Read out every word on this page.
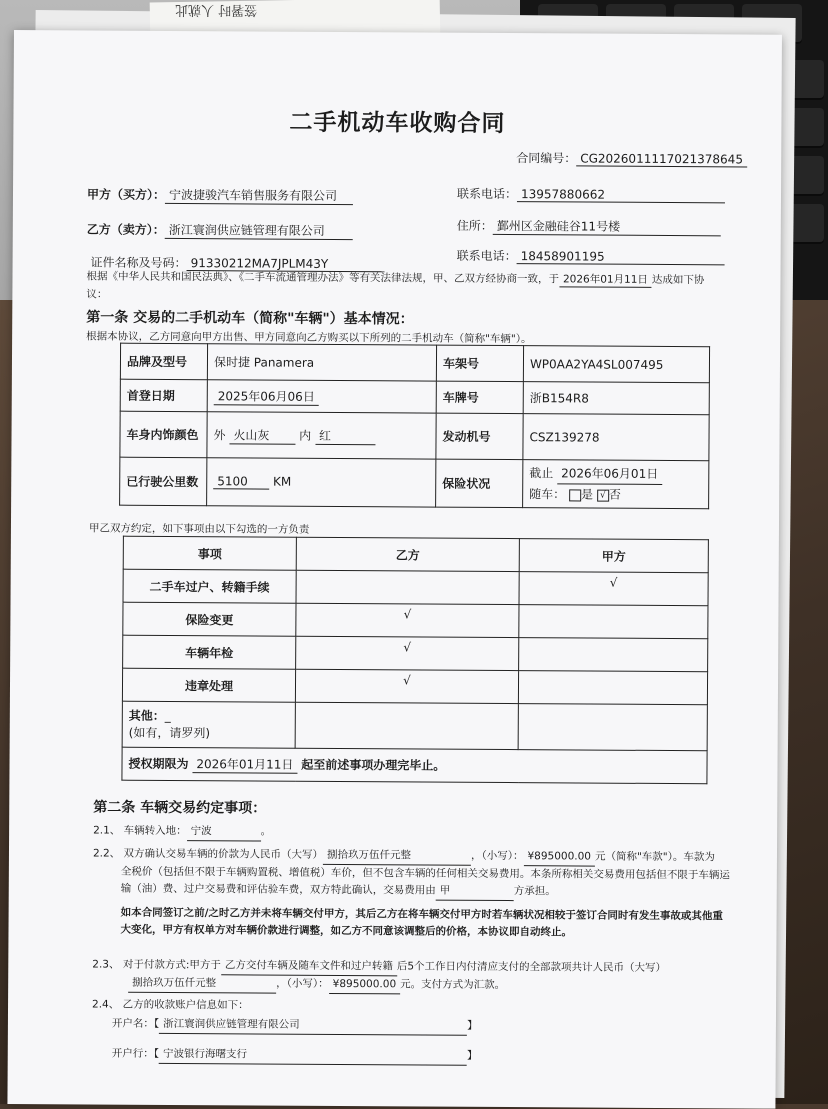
签署时 人就此
二手机动车收购合同
合同编号： CG2026011117021378645
甲方（买方）： 宁波捷骏汽车销售服务有限公司	联系电话： 13957880662
乙方（卖方）： 浙江寰润供应链管理有限公司	住所： 鄞州区金融硅谷11号楼
证件名称及号码： 91330212MA7JPLM43Y
联系电话： 18458901195
根据《中华人民共和国民法典》、《二手车流通管理办法》等有关法律法规，甲、乙双方经协商一致，于 2026年01月11日 达成如下协
议：
第一条 交易的二手机动车（简称"车辆"）基本情况：
根据本协议，乙方同意向甲方出售、甲方同意向乙方购买以下所列的二手机动车（简称"车辆"）。
品牌及型号	保时捷 Panamera	车架号	WP0AA2YA4SL007495
首登日期	2025年06月06日	车牌号	浙B154R8
车身内饰颜色	外 火山灰 内 红	发动机号	CSZ139278
已行驶公里数	5100 KM	保险状况	截止 2026年06月01日
随车： 是 √ 否
甲乙双方约定，如下事项由以下勾选的一方负责
事项	乙方	甲方
二手车过户、转籍手续		√
保险变更	√	
车辆年检	√	
违章处理	√	
其他：_
(如有，请罗列)		
授权期限为 2026年01月11日 起至前述事项办理完毕止。		
第二条 车辆交易约定事项：
2.1、 车辆转入地： 宁波	。
2.2、 双方确认交易车辆的价款为人民币（大写） 捌拾玖万伍仟元整	，（小写）： ¥895000.00 元（简称"车款"）。车款为
全税价（包括但不限于车辆购置税、增值税）车价，但不包含车辆的任何相关交易费用。本条所称相关交易费用包括但不限于车辆运
输（油）费、过户交易费和评估验车费，双方特此确认，交易费用由 甲	方承担。
如本合同签订之前/之时乙方并未将车辆交付甲方，其后乙方在将车辆交付甲方时若车辆状况相较于签订合同时有发生事故或其他重
大变化，甲方有权单方对车辆价款进行调整，如乙方不同意该调整后的价格，本协议即自动终止。
2.3、 对于付款方式:甲方于 乙方交付车辆及随车文件和过户转籍 后5个工作日内付清应支付的全部款项共计人民币（大写）
捌拾玖万伍仟元整	，（小写）： ¥895000.00 元。支付方式为汇款。
2.4、 乙方的收款账户信息如下：
开户名：【 浙江寰润供应链管理有限公司	】
开户行：【 宁波银行海曙支行	】
